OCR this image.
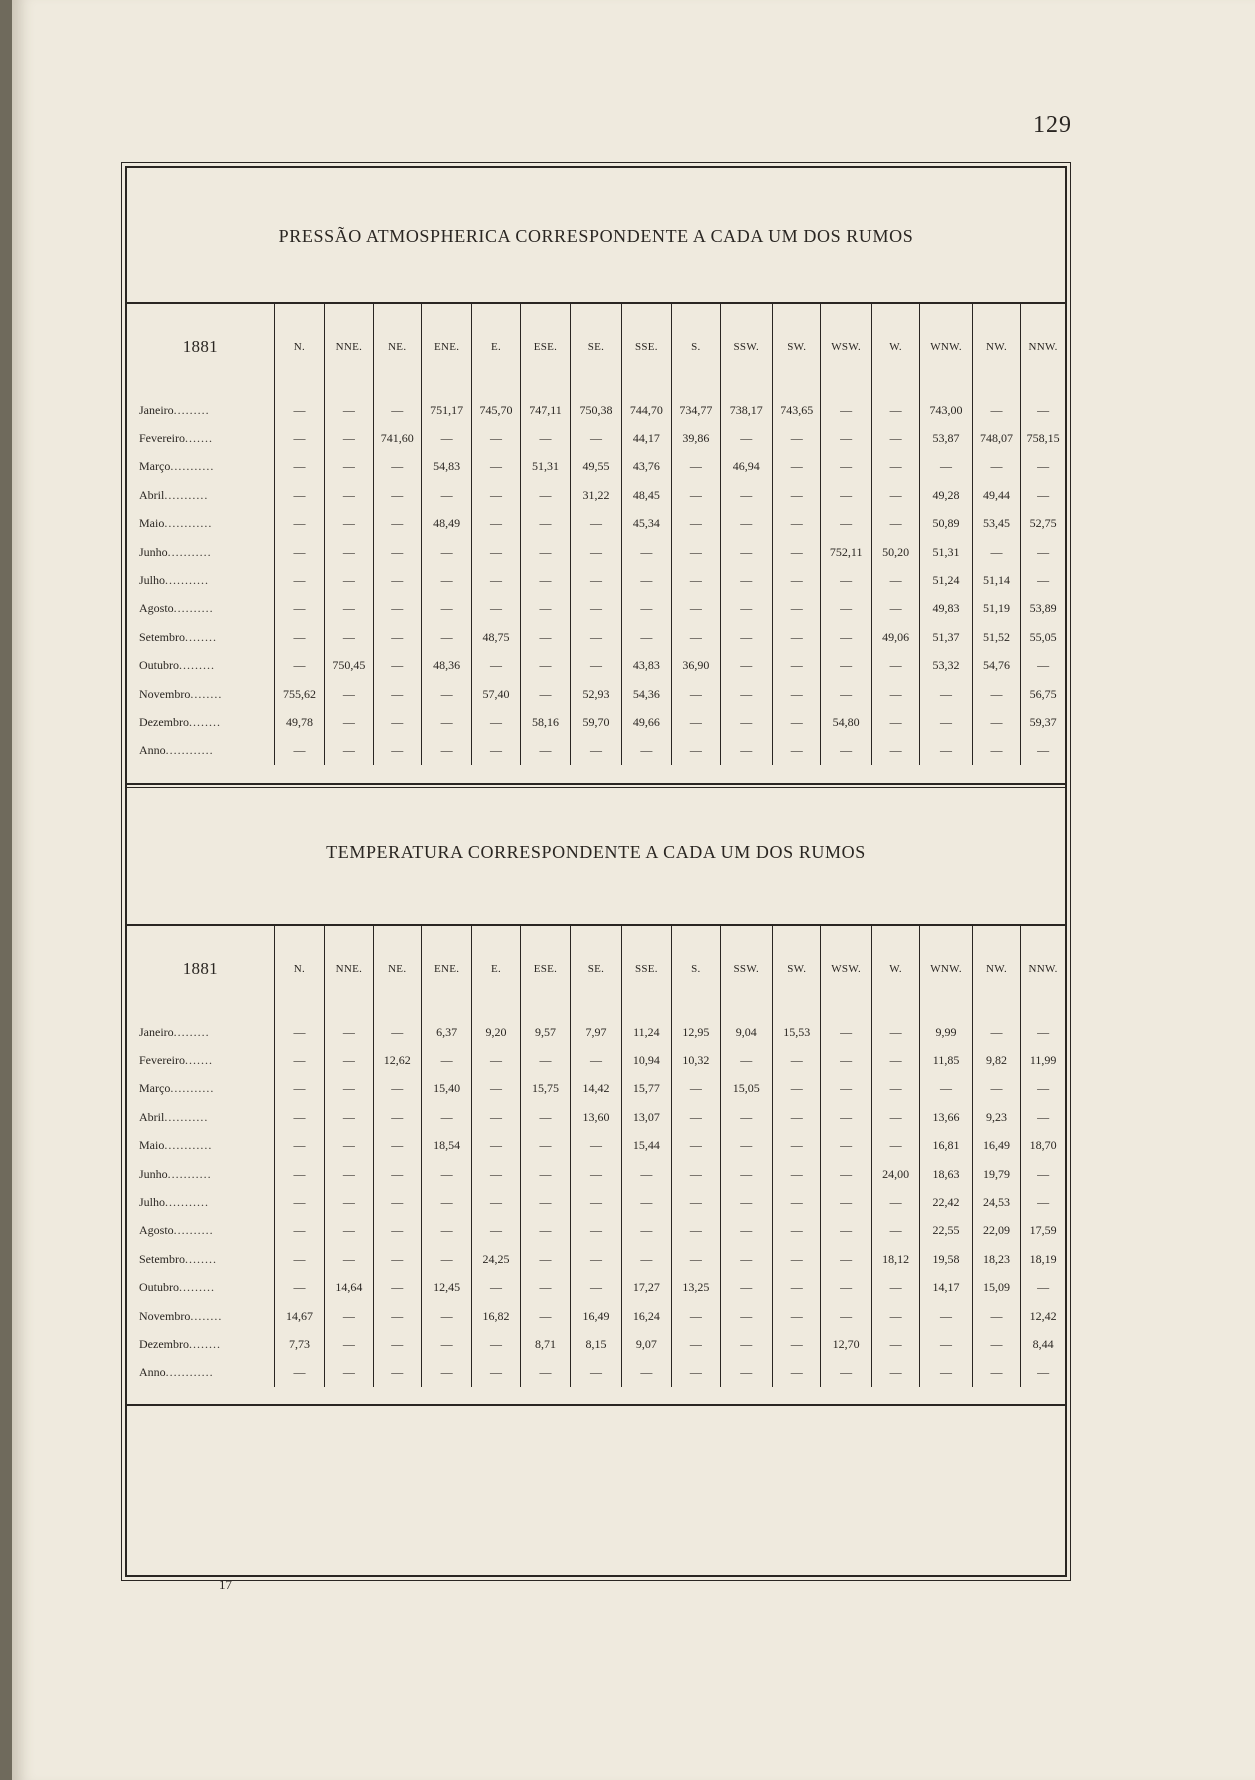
129
PRESSÃO ATMOSPHERICA CORRESPONDENTE A CADA UM DOS RUMOS
1881	N.	NNE.	NE.	ENE.	E.	ESE.	SE.	SSE.	S.	SSW.	SW.	WSW.	W.	WNW.	NW.	NNW.

Janeiro.........	—	—	—	751,17	745,70	747,11	750,38	744,70	734,77	738,17	743,65	—	—	743,00	—	—
Fevereiro.......	—	—	741,60	—	—	—	—	44,17	39,86	—	—	—	—	53,87	748,07	758,15
Março...........	—	—	—	54,83	—	51,31	49,55	43,76	—	46,94	—	—	—	—	—	—
Abril...........	—	—	—	—	—	—	31,22	48,45	—	—	—	—	—	49,28	49,44	—
Maio............	—	—	—	48,49	—	—	—	45,34	—	—	—	—	—	50,89	53,45	52,75
Junho...........	—	—	—	—	—	—	—	—	—	—	—	752,11	50,20	51,31	—	—
Julho...........	—	—	—	—	—	—	—	—	—	—	—	—	—	51,24	51,14	—
Agosto..........	—	—	—	—	—	—	—	—	—	—	—	—	—	49,83	51,19	53,89
Setembro........	—	—	—	—	48,75	—	—	—	—	—	—	—	49,06	51,37	51,52	55,05
Outubro.........	—	750,45	—	48,36	—	—	—	43,83	36,90	—	—	—	—	53,32	54,76	—
Novembro........	755,62	—	—	—	57,40	—	52,93	54,36	—	—	—	—	—	—	—	56,75
Dezembro........	49,78	—	—	—	—	58,16	59,70	49,66	—	—	—	54,80	—	—	—	59,37
Anno............	—	—	—	—	—	—	—	—	—	—	—	—	—	—	—	—
TEMPERATURA CORRESPONDENTE A CADA UM DOS RUMOS
1881	N.	NNE.	NE.	ENE.	E.	ESE.	SE.	SSE.	S.	SSW.	SW.	WSW.	W.	WNW.	NW.	NNW.

Janeiro.........	—	—	—	6,37	9,20	9,57	7,97	11,24	12,95	9,04	15,53	—	—	9,99	—	—
Fevereiro.......	—	—	12,62	—	—	—	—	10,94	10,32	—	—	—	—	11,85	9,82	11,99
Março...........	—	—	—	15,40	—	15,75	14,42	15,77	—	15,05	—	—	—	—	—	—
Abril...........	—	—	—	—	—	—	13,60	13,07	—	—	—	—	—	13,66	9,23	—
Maio............	—	—	—	18,54	—	—	—	15,44	—	—	—	—	—	16,81	16,49	18,70
Junho...........	—	—	—	—	—	—	—	—	—	—	—	—	24,00	18,63	19,79	—
Julho...........	—	—	—	—	—	—	—	—	—	—	—	—	—	22,42	24,53	—
Agosto..........	—	—	—	—	—	—	—	—	—	—	—	—	—	22,55	22,09	17,59
Setembro........	—	—	—	—	24,25	—	—	—	—	—	—	—	18,12	19,58	18,23	18,19
Outubro.........	—	14,64	—	12,45	—	—	—	17,27	13,25	—	—	—	—	14,17	15,09	—
Novembro........	14,67	—	—	—	16,82	—	16,49	16,24	—	—	—	—	—	—	—	12,42
Dezembro........	7,73	—	—	—	—	8,71	8,15	9,07	—	—	—	12,70	—	—	—	8,44
Anno............	—	—	—	—	—	—	—	—	—	—	—	—	—	—	—	—
17
